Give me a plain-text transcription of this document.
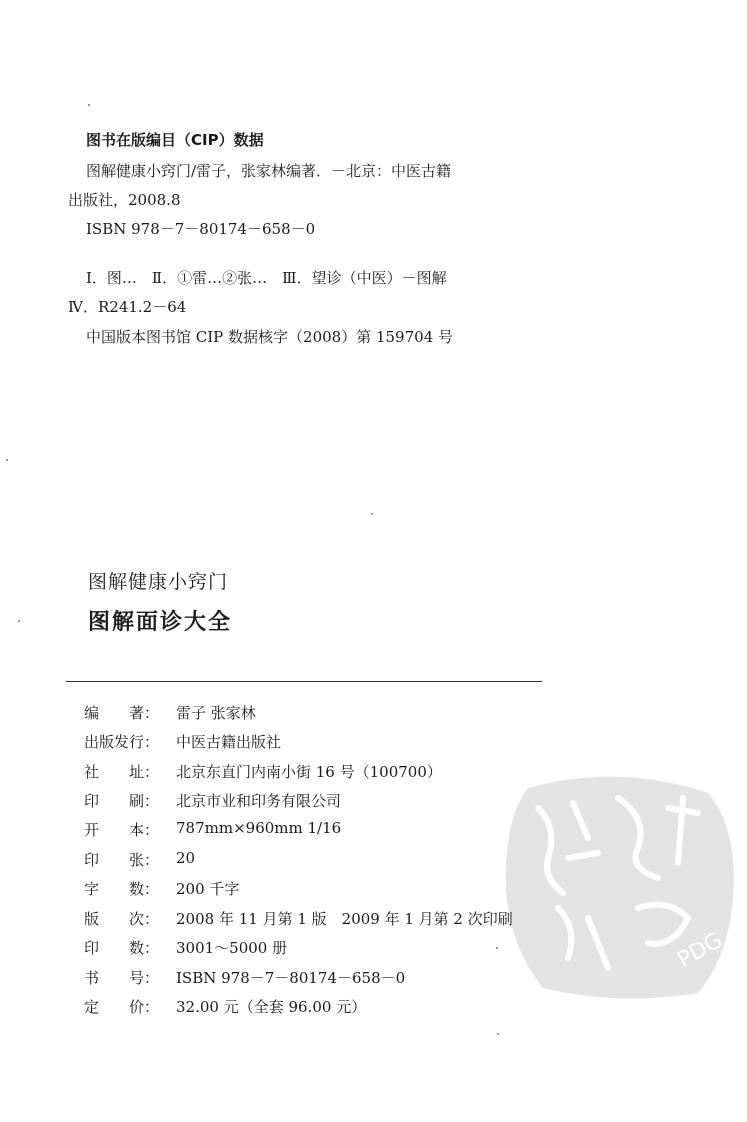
图书在版编目（CIP）数据
图解健康小窍门/雷子，张家林编著．－北京：中医古籍
出版社，2008.8
ISBN 978－7－80174－658－0
Ⅰ．图…　Ⅱ．①雷…②张…　Ⅲ．望诊（中医）－图解
Ⅳ．R241.2－64
中国版本图书馆 CIP 数据核字（2008）第 159704 号
图解健康小窍门
图解面诊大全
编　　著：	雷子 张家林
出版发行：	中医古籍出版社
社　　址：	北京东直门内南小街 16 号（100700）
印　　刷：	北京市业和印务有限公司
开　　本：	787mm×960mm 1/16
印　　张：	20
字　　数：	200 千字
版　　次：	2008 年 11 月第 1 版　2009 年 1 月第 2 次印刷
印　　数：	3001～5000 册
书　　号：	ISBN 978－7－80174－658－0
定　　价：	32.00 元（全套 96.00 元）
PDG
